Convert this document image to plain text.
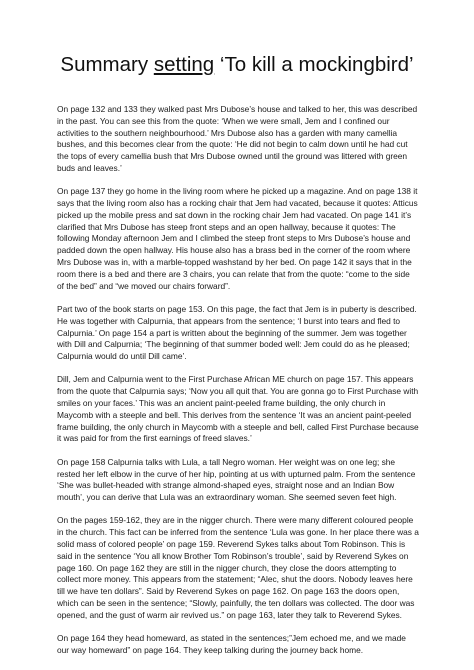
Summary setting ‘To kill a mockingbird’

On page 132 and 133 they walked past Mrs Dubose’s house and talked to her, this was described in the past. You can see this from the quote: ‘When we were small, Jem and I confined our activities to the southern neighbourhood.’ Mrs Dubose also has a garden with many camellia bushes, and this becomes clear from the quote: ‘He did not begin to calm down until he had cut the tops of every camellia bush that Mrs Dubose owned until the ground was littered with green buds and leaves.’

On page 137 they go home in the living room where he picked up a magazine. And on page 138 it says that the living room also has a rocking chair that Jem had vacated, because it quotes: Atticus picked up the mobile press and sat down in the rocking chair Jem had vacated. On page 141 it’s clarified that Mrs Dubose has steep front steps and an open hallway, because it quotes: The following Monday afternoon Jem and I climbed the steep front steps to Mrs Dubose’s house and padded down the open hallway. His house also has a brass bed in the corner of the room where Mrs Dubose was in, with a marble-topped washstand by her bed. On page 142 it says that in the room there is a bed and there are 3 chairs, you can relate that from the quote: “come to the side of the bed” and “we moved our chairs forward”.

Part two of the book starts on page 153. On this page, the fact that Jem is in puberty is described. He was together with Calpurnia, that appears from the sentence; ‘I burst into tears and fled to Calpurnia.’ On page 154 a part is written about the beginning of the summer. Jem was together with Dill and Calpurnia; ‘The beginning of that summer boded well: Jem could do as he pleased; Calpurnia would do until Dill came’.

Dill, Jem and Calpurnia went to the First Purchase African ME church on page 157. This appears from the quote that Calpurnia says; ‘Now you all quit that. You are gonna go to First Purchase with smiles on your faces.’ This was an ancient paint-peeled frame building, the only church in Maycomb with a steeple and bell. This derives from the sentence ‘It was an ancient paint-peeled frame building, the only church in Maycomb with a steeple and bell, called First Purchase because it was paid for from the first earnings of freed slaves.’

On page 158 Calpurnia talks with Lula, a tall Negro woman. Her weight was on one leg; she rested her left elbow in the curve of her hip, pointing at us with upturned palm. From the sentence ‘She was bullet-headed with strange almond-shaped eyes, straight nose and an Indian Bow mouth’, you can derive that Lula was an extraordinary woman. She seemed seven feet high.

On the pages 159-162, they are in the nigger church. There were many different coloured people in the church. This fact can be inferred from the sentence ‘Lula was gone. In her place there was a solid mass of colored people’ on page 159. Reverend Sykes talks about Tom Robinson. This is said in the sentence ‘You all know Brother Tom Robinson’s trouble’, said by Reverend Sykes on page 160. On page 162 they are still in the nigger church, they close the doors attempting to collect more money. This appears from the statement; “Alec, shut the doors. Nobody leaves here till we have ten dollars”. Said by Reverend Sykes on page 162. On page 163 the doors open, which can be seen in the sentence; “Slowly, painfully, the ten dollars was collected. The door was opened, and the gust of warm air revived us.” on page 163, later they talk to Reverend Sykes.

On page 164 they head homeward, as stated in the sentences;”Jem echoed me, and we made our way homeward” on page 164. They keep talking during the journey back home.
